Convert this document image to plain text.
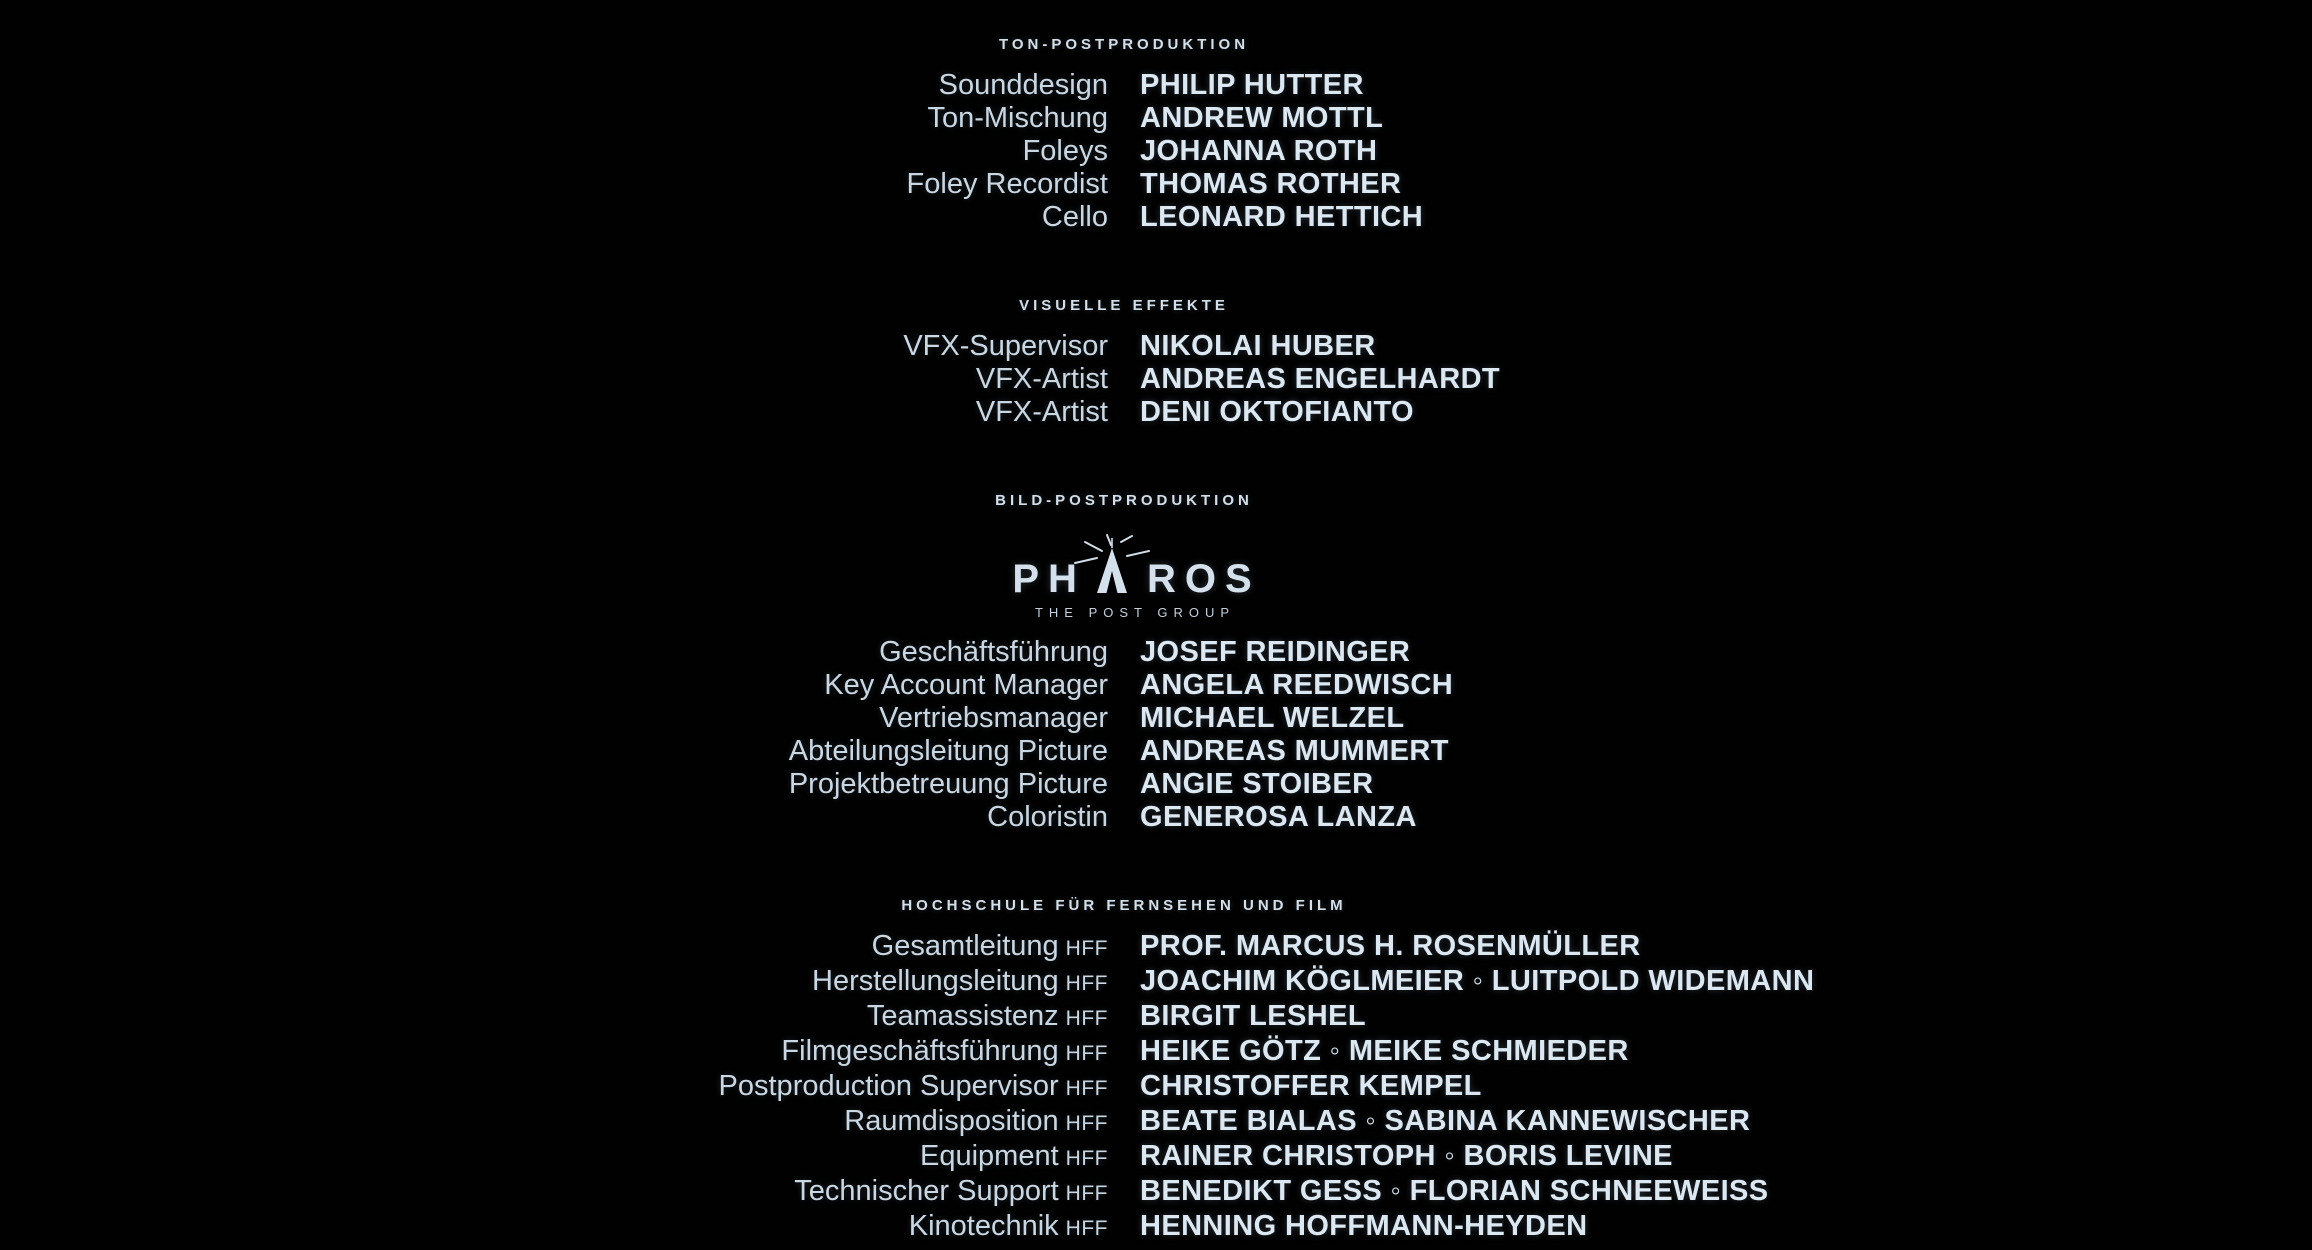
TON-POSTPRODUKTION
Sounddesign PHILIP HUTTER
Ton-Mischung ANDREW MOTTL
Foleys JOHANNA ROTH
Foley Recordist THOMAS ROTHER
Cello LEONARD HETTICH
VISUELLE EFFEKTE
VFX-Supervisor NIKOLAI HUBER
VFX-Artist ANDREAS ENGELHARDT
VFX-Artist DENI OKTOFIANTO
BILD-POSTPRODUKTION
PH ROS
THE POST GROUP
Geschäftsführung JOSEF REIDINGER
Key Account Manager ANGELA REEDWISCH
Vertriebsmanager MICHAEL WELZEL
Abteilungsleitung Picture ANDREAS MUMMERT
Projektbetreuung Picture ANGIE STOIBER
Coloristin GENEROSA LANZA
HOCHSCHULE FÜR FERNSEHEN UND FILM
Gesamtleitung HFF PROF. MARCUS H. ROSENMÜLLER
Herstellungsleitung HFF JOACHIM KÖGLMEIER ◦ LUITPOLD WIDEMANN
Teamassistenz HFF BIRGIT LESHEL
Filmgeschäftsführung HFF HEIKE GÖTZ ◦ MEIKE SCHMIEDER
Postproduction Supervisor HFF CHRISTOFFER KEMPEL
Raumdisposition HFF BEATE BIALAS ◦ SABINA KANNEWISCHER
Equipment HFF RAINER CHRISTOPH ◦ BORIS LEVINE
Technischer Support HFF BENEDIKT GESS ◦ FLORIAN SCHNEEWEISS
Kinotechnik HFF HENNING HOFFMANN-HEYDEN
